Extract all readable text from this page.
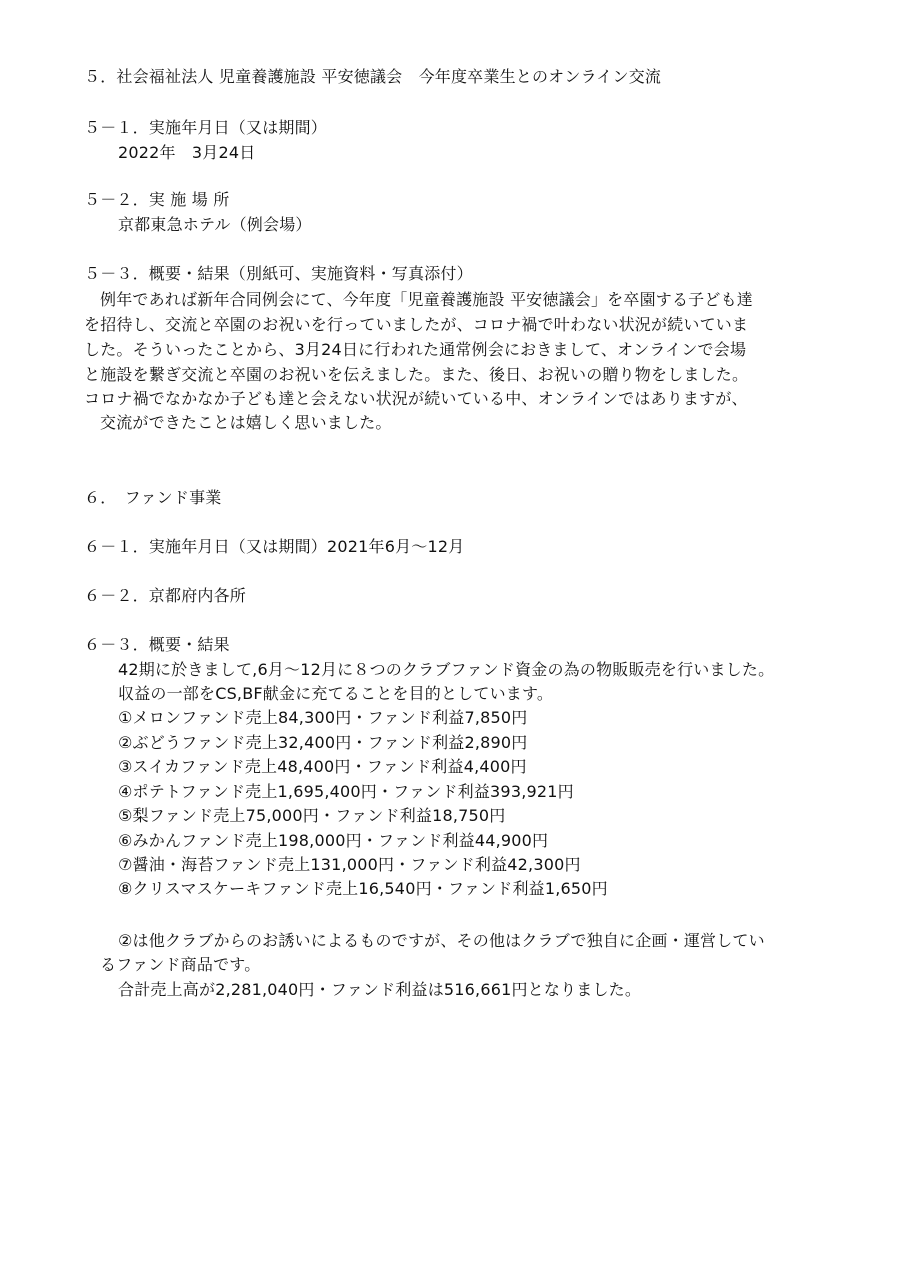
５．社会福祉法人 児童養護施設 平安徳議会　今年度卒業生とのオンライン交流
５－１．実施年月日（又は期間）
2022年　3月24日
５－２．実 施 場 所
京都東急ホテル（例会場）
５－３．概要・結果（別紙可、実施資料・写真添付）
例年であれば新年合同例会にて、今年度「児童養護施設 平安徳議会」を卒園する子ども達
を招待し、交流と卒園のお祝いを行っていましたが、コロナ禍で叶わない状況が続いていま
した。そういったことから、3月24日に行われた通常例会におきまして、オンラインで会場
と施設を繋ぎ交流と卒園のお祝いを伝えました。また、後日、お祝いの贈り物をしました。
コロナ禍でなかなか子ども達と会えない状況が続いている中、オンラインではありますが、
交流ができたことは嬉しく思いました。
６．　ファンド事業
６－１．実施年月日（又は期間）2021年6月～12月
６－２．京都府内各所
６－３．概要・結果
42期に於きまして,6月～12月に８つのクラブファンド資金の為の物販販売を行いました。
収益の一部をCS,BF献金に充てることを目的としています。
①メロンファンド売上84,300円・ファンド利益7,850円
②ぶどうファンド売上32,400円・ファンド利益2,890円
③スイカファンド売上48,400円・ファンド利益4,400円
④ポテトファンド売上1,695,400円・ファンド利益393,921円
⑤梨ファンド売上75,000円・ファンド利益18,750円
⑥みかんファンド売上198,000円・ファンド利益44,900円
⑦醤油・海苔ファンド売上131,000円・ファンド利益42,300円
⑧クリスマスケーキファンド売上16,540円・ファンド利益1,650円
②は他クラブからのお誘いによるものですが、その他はクラブで独自に企画・運営してい
るファンド商品です。
合計売上高が2,281,040円・ファンド利益は516,661円となりました。
